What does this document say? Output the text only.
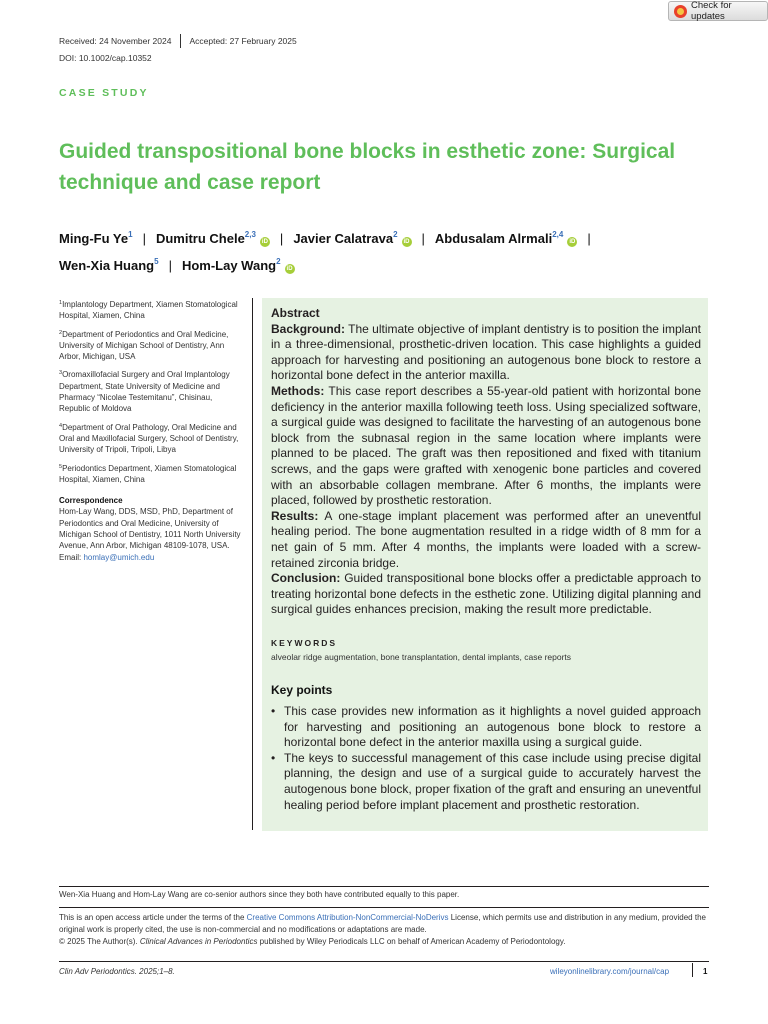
Check for updates
Received: 24 November 2024 Accepted: 27 February 2025
DOI: 10.1002/cap.10352
CASE STUDY
Guided transpositional bone blocks in esthetic zone: Surgical technique and case report
Ming-Fu Ye$^1$ | Dumitru Chele$^{2,3}$iD | Javier Calatrava$^2$iD | Abdusalam Alrmali$^{2,4}$iD |
Wen-Xia Huang$^5$ | Hom-Lay Wang$^2$iD
$^1$Implantology Department, Xiamen Stomatological Hospital, Xiamen, China
$^2$Department of Periodontics and Oral Medicine, University of Michigan School of Dentistry, Ann Arbor, Michigan, USA
$^3$Oromaxillofacial Surgery and Oral Implantology Department, State University of Medicine and Pharmacy “Nicolae Testemitanu”, Chisinau, Republic of Moldova
$^4$Department of Oral Pathology, Oral Medicine and Oral and Maxillofacial Surgery, School of Dentistry, University of Tripoli, Tripoli, Libya
$^5$Periodontics Department, Xiamen Stomatological Hospital, Xiamen, China
Correspondence
Hom-Lay Wang, DDS, MSD, PhD, Department of Periodontics and Oral Medicine, University of Michigan School of Dentistry, 1011 North University Avenue, Ann Arbor, Michigan 48109-1078, USA.
Email: homlay@umich.edu
Abstract
Background: The ultimate objective of implant dentistry is to position the implant in a three-dimensional, prosthetic-driven location. This case highlights a guided approach for harvesting and positioning an autogenous bone block to restore a horizontal bone defect in the anterior maxilla.
Methods: This case report describes a 55-year-old patient with horizontal bone deficiency in the anterior maxilla following teeth loss. Using specialized software, a surgical guide was designed to facilitate the harvesting of an autogenous bone block from the subnasal region in the same location where implants were planned to be placed. The graft was then repositioned and fixed with titanium screws, and the gaps were grafted with xenogenic bone particles and covered with an absorbable collagen membrane. After 6 months, the implants were placed, followed by prosthetic restoration.
Results: A one-stage implant placement was performed after an uneventful healing period. The bone augmentation resulted in a ridge width of 8 mm for a net gain of 5 mm. After 4 months, the implants were loaded with a screw-retained zirconia bridge.
Conclusion: Guided transpositional bone blocks offer a predictable approach to treating horizontal bone defects in the esthetic zone. Utilizing digital planning and surgical guides enhances precision, making the result more predictable.
KEYWORDS
alveolar ridge augmentation, bone transplantation, dental implants, case reports
Key points
• This case provides new information as it highlights a novel guided approach for harvesting and positioning an autogenous bone block to restore a horizontal bone defect in the anterior maxilla using a surgical guide.
• The keys to successful management of this case include using precise digital planning, the design and use of a surgical guide to accurately harvest the autogenous bone block, proper fixation of the graft and ensuring an uneventful healing period before implant placement and prosthetic restoration.
Wen-Xia Huang and Hom-Lay Wang are co-senior authors since they both have contributed equally to this paper.
This is an open access article under the terms of the Creative Commons Attribution-NonCommercial-NoDerivs License, which permits use and distribution in any medium, provided the original work is properly cited, the use is non-commercial and no modifications or adaptations are made.
© 2025 The Author(s). Clinical Advances in Periodontics published by Wiley Periodicals LLC on behalf of American Academy of Periodontology.
Clin Adv Periodontics. 2025;1–8.	wileyonlinelibrary.com/journal/cap	1
